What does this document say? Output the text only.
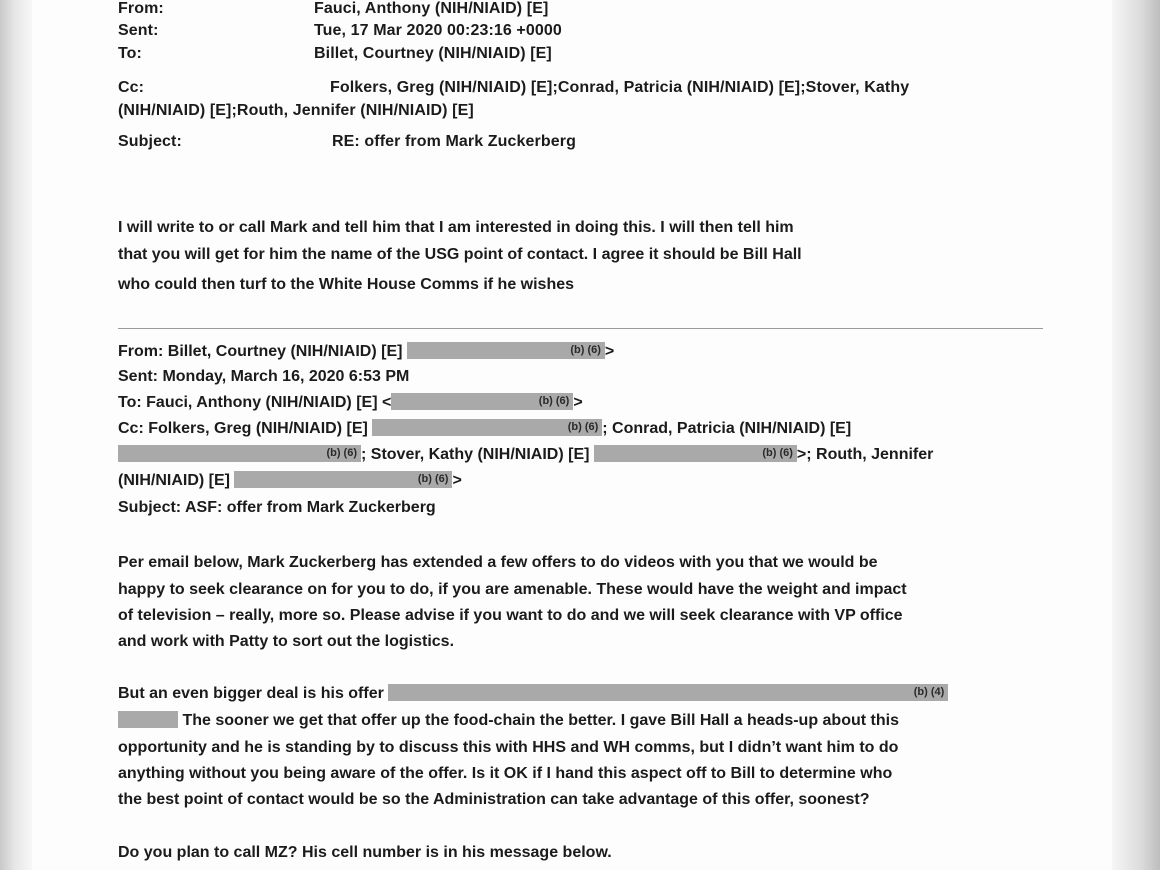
From:	Fauci, Anthony (NIH/NIAID) [E]
Sent:	Tue, 17 Mar 2020 00:23:16 +0000
To:	Billet, Courtney (NIH/NIAID) [E]
Cc:	Folkers, Greg (NIH/NIAID) [E];Conrad, Patricia (NIH/NIAID) [E];Stover, Kathy
(NIH/NIAID) [E];Routh, Jennifer (NIH/NIAID) [E]
Subject:	RE: offer from Mark Zuckerberg
I will write to or call Mark and tell him that I am interested in doing this. I will then tell him
that you will get for him the name of the USG point of contact. I agree it should be Bill Hall
who could then turf to the White House Comms if he wishes
From: Billet, Courtney (NIH/NIAID) [E]	(b) (6) >
Sent: Monday, March 16, 2020 6:53 PM
To: Fauci, Anthony (NIH/NIAID) [E] <	(b) (6) >
Cc: Folkers, Greg (NIH/NIAID) [E]	(b) (6) ; Conrad, Patricia (NIH/NIAID) [E]
(b) (6) ; Stover, Kathy (NIH/NIAID) [E]	(b) (6) >; Routh, Jennifer
(NIH/NIAID) [E]	(b) (6) >
Subject: ASF: offer from Mark Zuckerberg
Per email below, Mark Zuckerberg has extended a few offers to do videos with you that we would be
happy to seek clearance on for you to do, if you are amenable. These would have the weight and impact
of television – really, more so. Please advise if you want to do and we will seek clearance with VP office
and work with Patty to sort out the logistics.
But an even bigger deal is his offer	(b) (4)
The sooner we get that offer up the food-chain the better. I gave Bill Hall a heads-up about this
opportunity and he is standing by to discuss this with HHS and WH comms, but I didn’t want him to do
anything without you being aware of the offer. Is it OK if I hand this aspect off to Bill to determine who
the best point of contact would be so the Administration can take advantage of this offer, soonest?
Do you plan to call MZ? His cell number is in his message below.
